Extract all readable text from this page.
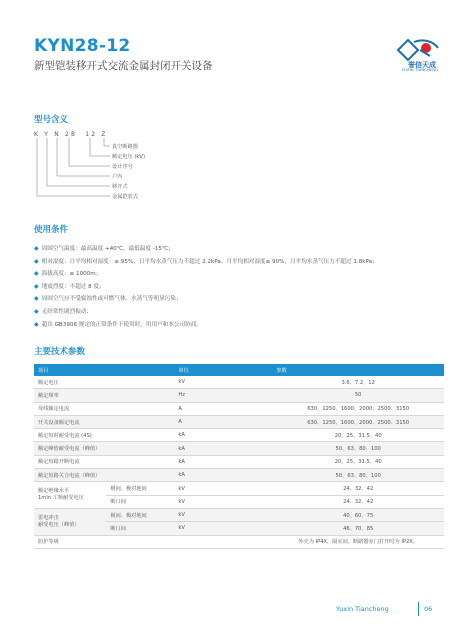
KYN28-12
新型铠装移开式交流金属封闭开关设备	誉信天成
YUXIN TIANCHENG
型号含义
K Y N 28  12 Z
真空断路器
额定电压 (kV)
设计序号
户内
移开式
金属铠装式
使用条件
◆ 周围空气温度：最高温度 +40℃，最低温度 -15℃；
◆ 相对湿度：日平均相对湿度：≤ 95%，日平均水蒸气压力不超过 2.2kPa；月平均相对湿度≤ 90%，月平均水蒸气压力不超过 1.8kPa；
◆ 海拔高度：≤ 1000m；
◆ 地震烈度：不超过 8 度；
◆ 周围空气应不受腐蚀性或可燃气体、水蒸气等明显污染；
◆ 无经常性剧烈振动；
◆ 超出 GB3906 规定的正常条件下使用时，用用户和本公司协商。
主要技术参数
项目		单位	参数
额定电压		kV	3.6、7.2、12
额定频率		Hz	50
母线额定电流		A	630、1250、1600、2000、2500、3150
开关设备额定电流		A	630、1250、1600、2000、2500、3150
额定短时耐受电流 (4S)		kA	20、25、31.5、40
额定峰值耐受电流（峰值）		kA	50、63、80、100
额定短路开断电流		kA	20、25、31.5、40
额定短路关合电流（峰值）		kA	50、63、80、100
额定绝缘水平
1min 工频耐受电压	极间、极对地间	kV	24、32、42
	断口间	kV	24、32、42
雷电冲击
耐受电压（峰值）	极间、极对地间	kV	40、60、75
	断口间	kV	46、70、85
防护等级			外壳为 IP4X，隔室间、断路器室门打开时为 IP2X。
Yuxin Tiancheng	06
